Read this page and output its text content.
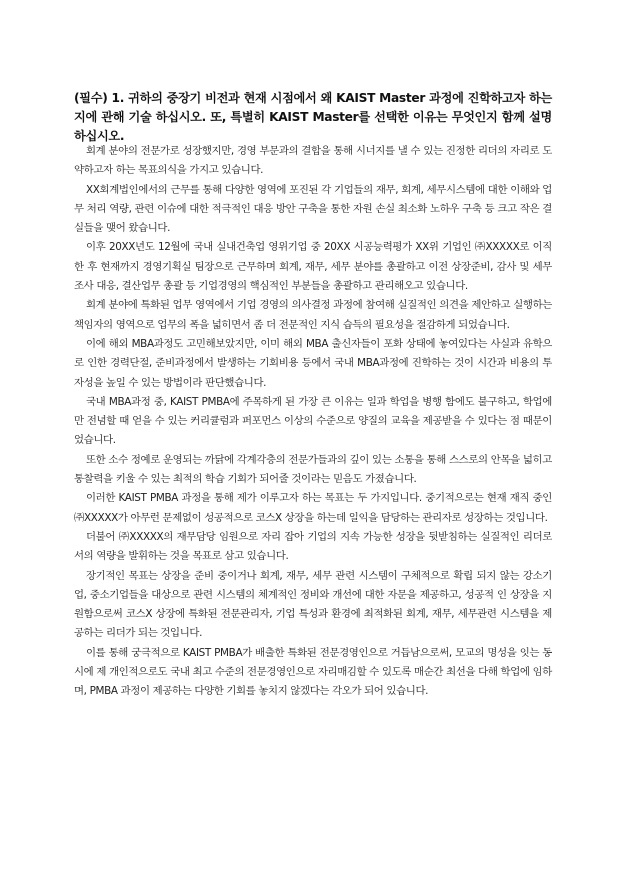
(필수) 1. 귀하의 중장기 비전과 현재 시점에서 왜 KAIST Master 과정에 진학하고자 하는지에 관해 기술 하십시오. 또, 특별히 KAIST Master를 선택한 이유는 무엇인지 함께 설명하십시오.

회계 분야의 전문가로 성장했지만, 경영 부문과의 결합을 통해 시너지를 낼 수 있는 진정한 리더의 자리로 도약하고자 하는 목표의식을 가지고 있습니다.

XX회계법인에서의 근무를 통해 다양한 영역에 포진된 각 기업들의 재무, 회계, 세무시스템에 대한 이해와 업무 처리 역량, 관련 이슈에 대한 적극적인 대응 방안 구축을 통한 자원 손실 최소화 노하우 구축 등 크고 작은 결실들을 맺어 왔습니다.

이후 20XX년도 12월에 국내 실내건축업 영위기업 중 20XX 시공능력평가 XX위 기업인 ㈜XXXXX로 이직한 후 현재까지 경영기획실 팀장으로 근무하며 회계, 재무, 세무 분야를 총괄하고 이전 상장준비, 감사 및 세무조사 대응, 결산업무 총괄 등 기업경영의 핵심적인 부분들을 총괄하고 관리해오고 있습니다.

회계 분야에 특화된 업무 영역에서 기업 경영의 의사결정 과정에 참여해 실질적인 의견을 제안하고 실행하는 책임자의 영역으로 업무의 폭을 넓히면서 좀 더 전문적인 지식 습득의 필요성을 절감하게 되었습니다.

이에 해외 MBA과정도 고민해보았지만, 이미 해외 MBA 출신자들이 포화 상태에 놓여있다는 사실과 유학으로 인한 경력단절, 준비과정에서 발생하는 기회비용 등에서 국내 MBA과정에 진학하는 것이 시간과 비용의 투자성을 높일 수 있는 방법이라 판단했습니다.

국내 MBA과정 중, KAIST PMBA에 주목하게 된 가장 큰 이유는 일과 학업을 병행 함에도 불구하고, 학업에만 전념할 때 얻을 수 있는 커리큘럼과 퍼포먼스 이상의 수준으로 양질의 교육을 제공받을 수 있다는 점 때문이었습니다.

또한 소수 정예로 운영되는 까닭에 각계각층의 전문가들과의 깊이 있는 소통을 통해 스스로의 안목을 넓히고 통찰력을 키울 수 있는 최적의 학습 기회가 되어줄 것이라는 믿음도 가졌습니다.

이러한 KAIST PMBA 과정을 통해 제가 이루고자 하는 목표는 두 가지입니다. 중기적으로는 현재 재직 중인 ㈜XXXXX가 아무런 문제없이 성공적으로 코스X 상장을 하는데 일익을 담당하는 관리자로 성장하는 것입니다.

더불어 ㈜XXXXX의 재무담당 임원으로 자리 잡아 기업의 지속 가능한 성장을 뒷받침하는 실질적인 리더로서의 역량을 발휘하는 것을 목표로 삼고 있습니다.

장기적인 목표는 상장을 준비 중이거나 회계, 재무, 세무 관련 시스템이 구체적으로 확립 되지 않는 강소기업, 중소기업들을 대상으로 관련 시스템의 체계적인 정비와 개선에 대한 자문을 제공하고, 성공적 인 상장을 지원함으로써 코스X 상장에 특화된 전문관리자, 기업 특성과 환경에 최적화된 회계, 재무, 세무관련 시스템을 제공하는 리더가 되는 것입니다.

이를 통해 궁극적으로 KAIST PMBA가 배출한 특화된 전문경영인으로 거듭남으로써, 모교의 명성을 잇는 동시에 제 개인적으로도 국내 최고 수준의 전문경영인으로 자리매김할 수 있도록 매순간 최선을 다해 학업에 임하며, PMBA 과정이 제공하는 다양한 기회를 놓치지 않겠다는 각오가 되어 있습니다.
